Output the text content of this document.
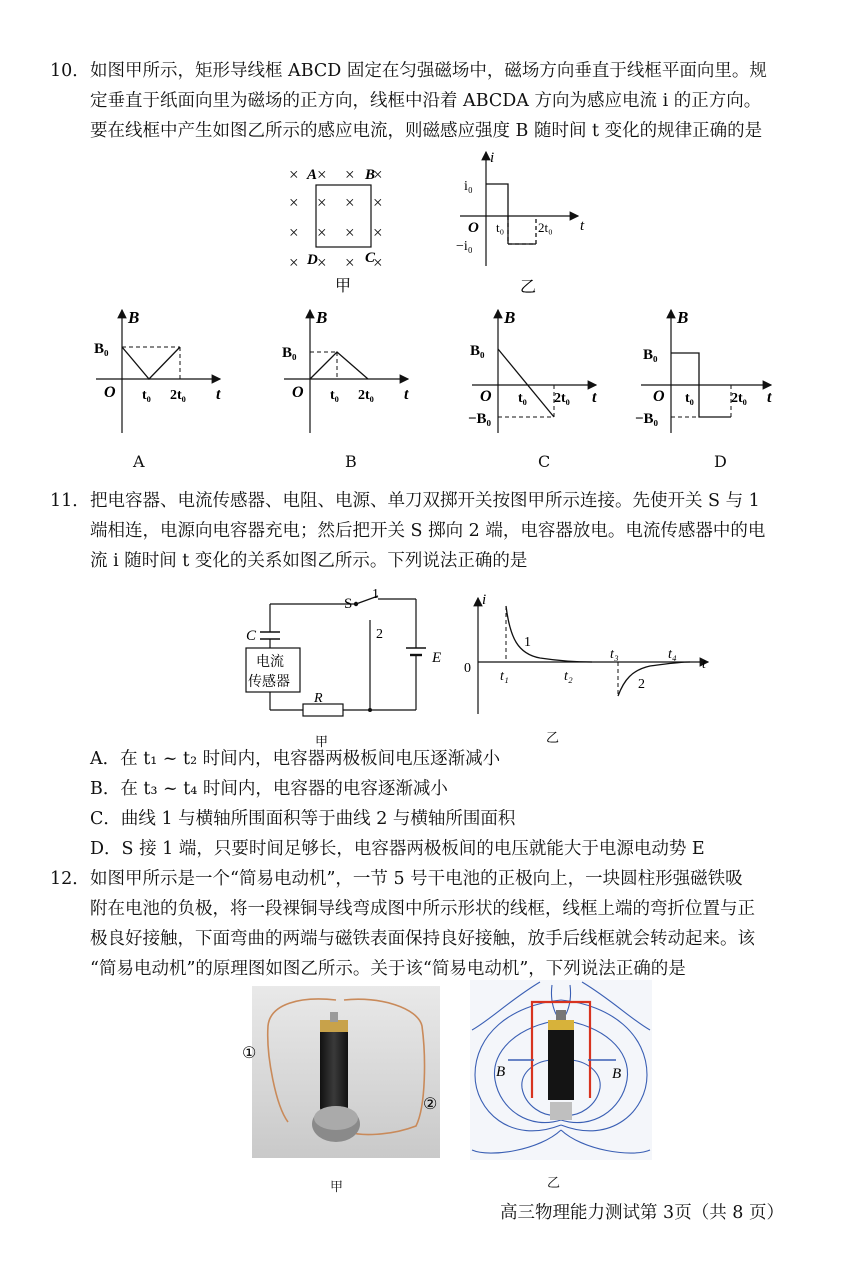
10． 如图甲所示，矩形导线框 ABCD 固定在匀强磁场中，磁场方向垂直于线框平面向里。规
定垂直于纸面向里为磁场的正方向，线框中沿着 ABCDA 方向为感应电流 i 的正方向。
要在线框中产生如图乙所示的感应电流，则磁感应强度 B 随时间 t 变化的规律正确的是
× × × ×
× × × ×
× × × ×
× × × ×
A	B
C
D
甲
i
t
i₀
−i₀
O t₀	2t₀
乙
B
B₀
O t₀ 2t₀ t
A
B
B₀
O t₀ 2t₀ t
B
B
B₀
−B₀
O t₀ 2t₀ t
C
B
B₀
−B₀
O t₀	2t₀ t
D
11． 把电容器、电流传感器、电阻、电源、单刀双掷开关按图甲所示连接。先使开关 S 与 1
端相连，电源向电容器充电；然后把开关 S 掷向 2 端，电容器放电。电流传感器中的电
流 i 随时间 t 变化的关系如图乙所示。下列说法正确的是
S
1
2
C
E
R
电流
传感器
甲
i
t
0
t₁	t₂
t₃	t₄
1
2
乙
A．在 t₁ ~ t₂ 时间内，电容器两极板间电压逐渐减小
B．在 t₃ ~ t₄ 时间内，电容器的电容逐渐减小
C．曲线 1 与横轴所围面积等于曲线 2 与横轴所围面积
D．S 接 1 端，只要时间足够长，电容器两极板间的电压就能大于电源电动势 E
12． 如图甲所示是一个“简易电动机”，一节 5 号干电池的正极向上，一块圆柱形强磁铁吸
附在电池的负极，将一段裸铜导线弯成图中所示形状的线框，线框上端的弯折位置与正
极良好接触，下面弯曲的两端与磁铁表面保持良好接触，放手后线框就会转动起来。该
“简易电动机”的原理图如图乙所示。关于该“简易电动机”，下列说法正确的是
①
②
甲
B	B
乙
高三物理能力测试第 3页（共 8 页）
